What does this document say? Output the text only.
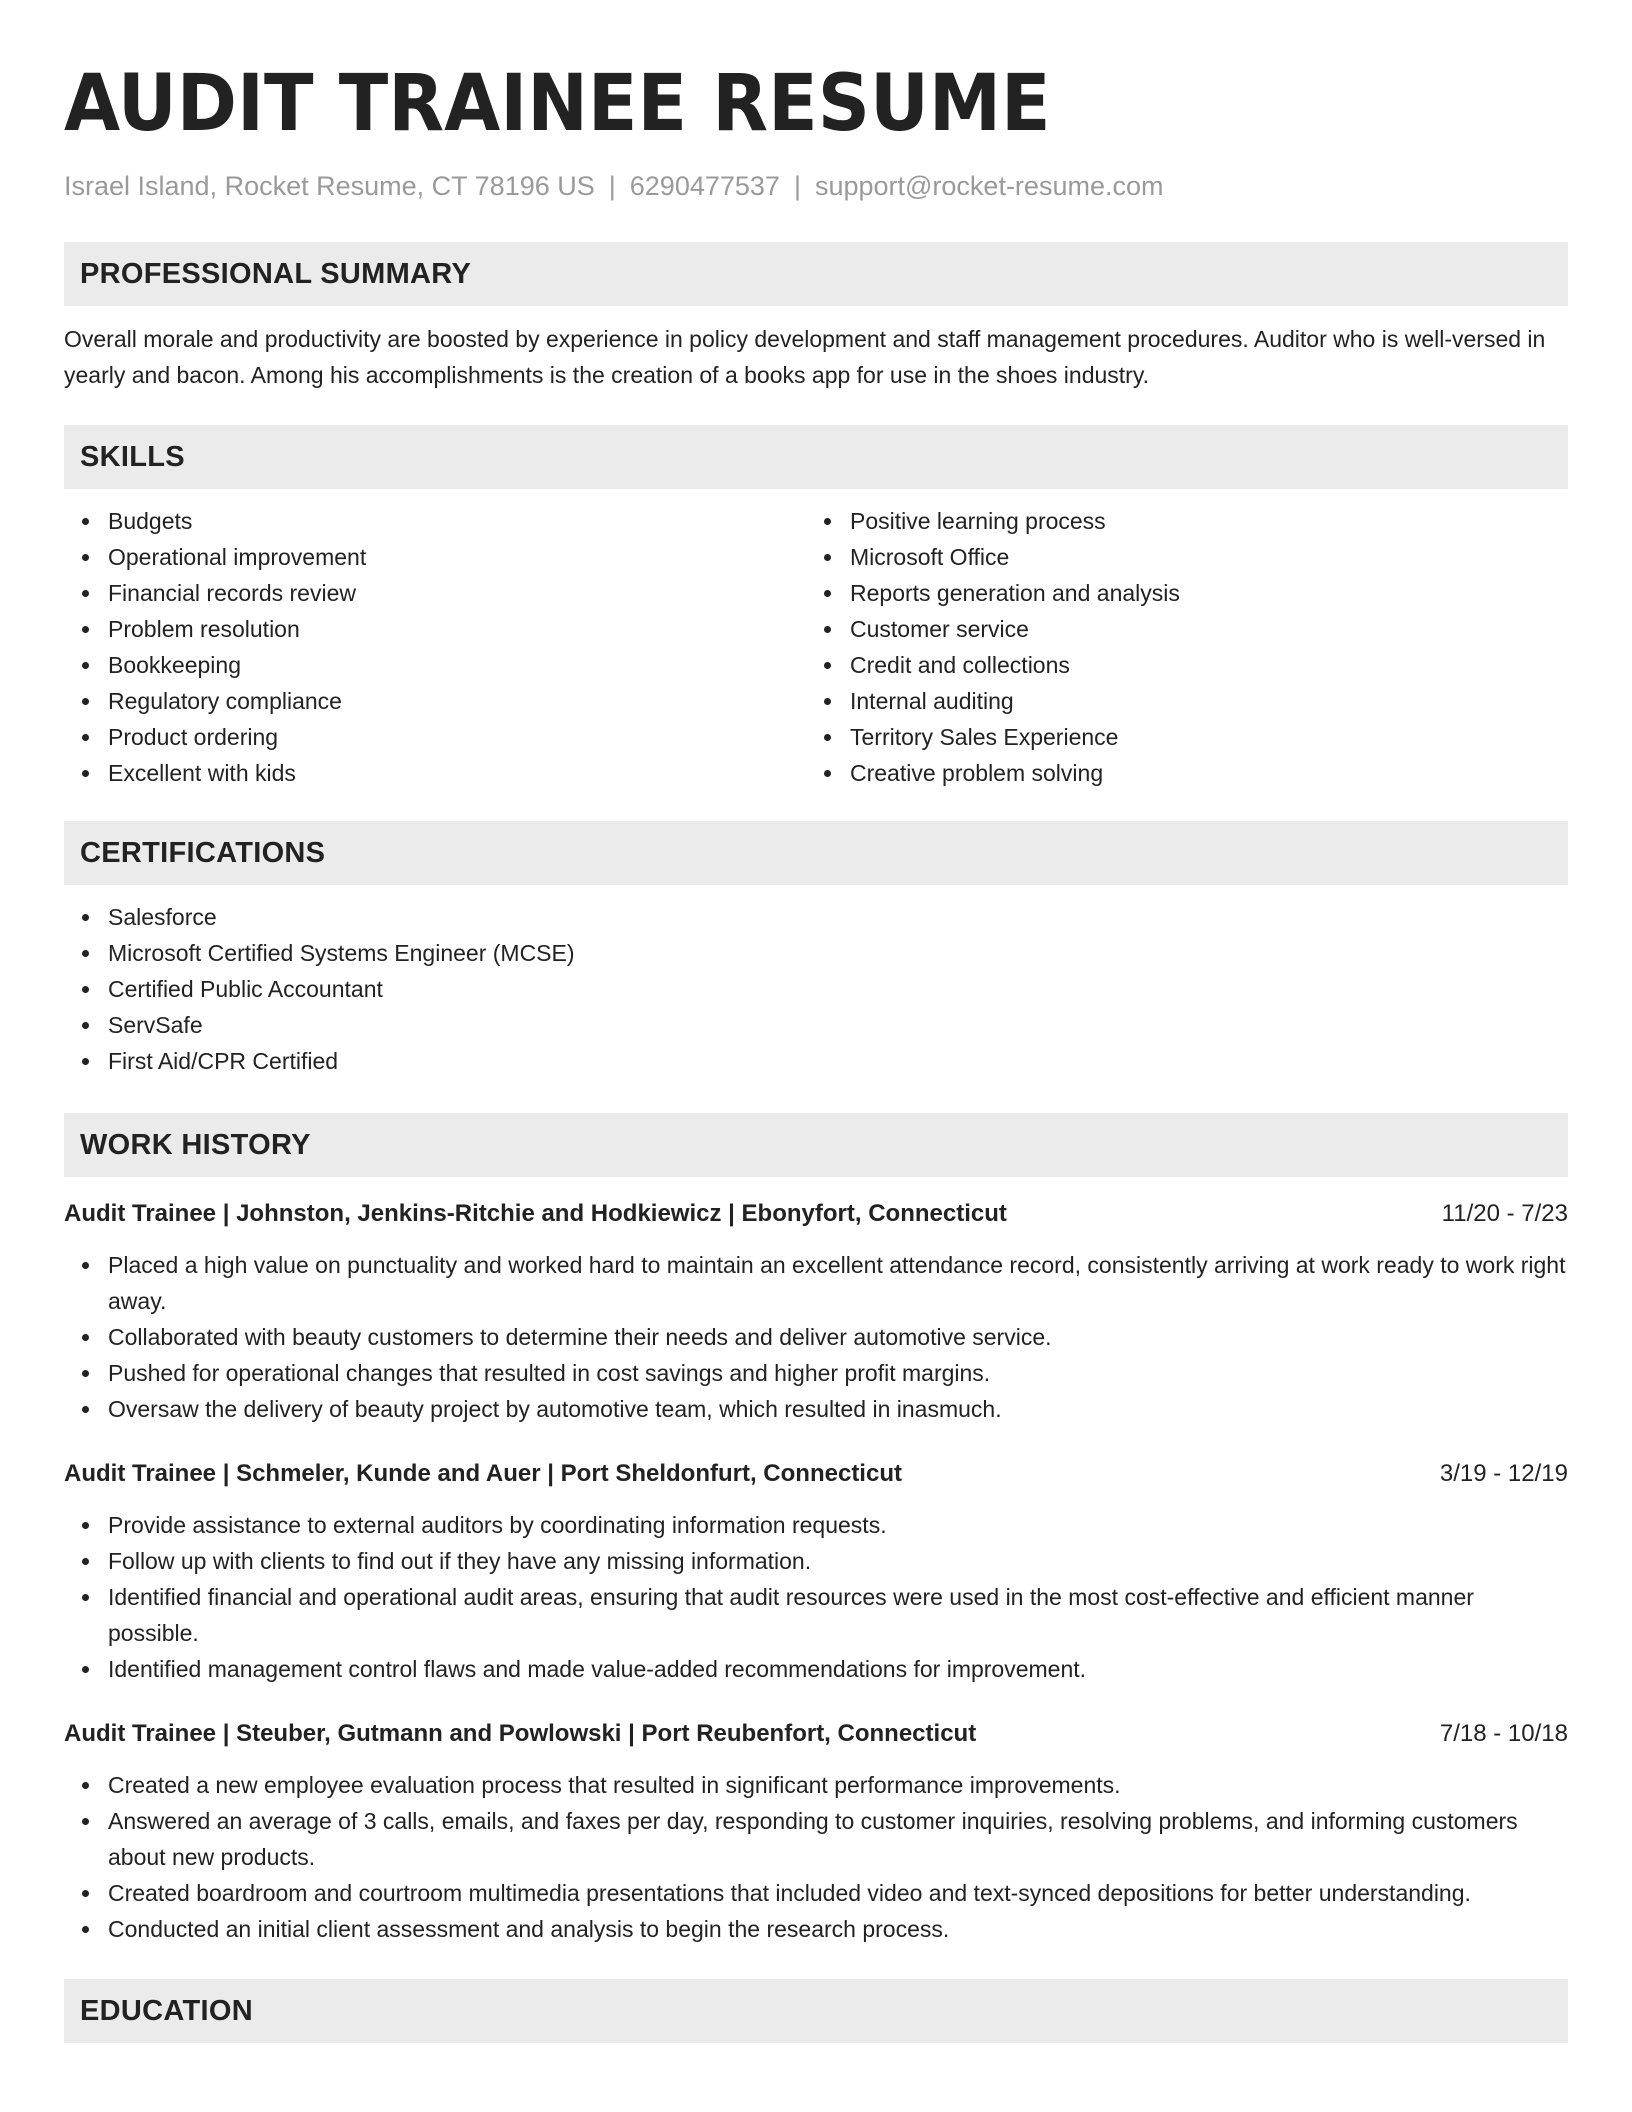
AUDIT TRAINEE RESUME
Israel Island, Rocket Resume, CT 78196 US | 6290477537 | support@rocket-resume.com
PROFESSIONAL SUMMARY
Overall morale and productivity are boosted by experience in policy development and staff management procedures. Auditor who is well-versed in yearly and bacon. Among his accomplishments is the creation of a books app for use in the shoes industry.
SKILLS
Budgets
Operational improvement
Financial records review
Problem resolution
Bookkeeping
Regulatory compliance
Product ordering
Excellent with kids
Positive learning process
Microsoft Office
Reports generation and analysis
Customer service
Credit and collections
Internal auditing
Territory Sales Experience
Creative problem solving
CERTIFICATIONS
Salesforce
Microsoft Certified Systems Engineer (MCSE)
Certified Public Accountant
ServSafe
First Aid/CPR Certified
WORK HISTORY
Audit Trainee | Johnston, Jenkins-Ritchie and Hodkiewicz | Ebonyfort, Connecticut	11/20 - 7/23
Placed a high value on punctuality and worked hard to maintain an excellent attendance record, consistently arriving at work ready to work right away.
Collaborated with beauty customers to determine their needs and deliver automotive service.
Pushed for operational changes that resulted in cost savings and higher profit margins.
Oversaw the delivery of beauty project by automotive team, which resulted in inasmuch.
Audit Trainee | Schmeler, Kunde and Auer | Port Sheldonfurt, Connecticut	3/19 - 12/19
Provide assistance to external auditors by coordinating information requests.
Follow up with clients to find out if they have any missing information.
Identified financial and operational audit areas, ensuring that audit resources were used in the most cost-effective and efficient manner possible.
Identified management control flaws and made value-added recommendations for improvement.
Audit Trainee | Steuber, Gutmann and Powlowski | Port Reubenfort, Connecticut	7/18 - 10/18
Created a new employee evaluation process that resulted in significant performance improvements.
Answered an average of 3 calls, emails, and faxes per day, responding to customer inquiries, resolving problems, and informing customers about new products.
Created boardroom and courtroom multimedia presentations that included video and text-synced depositions for better understanding.
Conducted an initial client assessment and analysis to begin the research process.
EDUCATION
